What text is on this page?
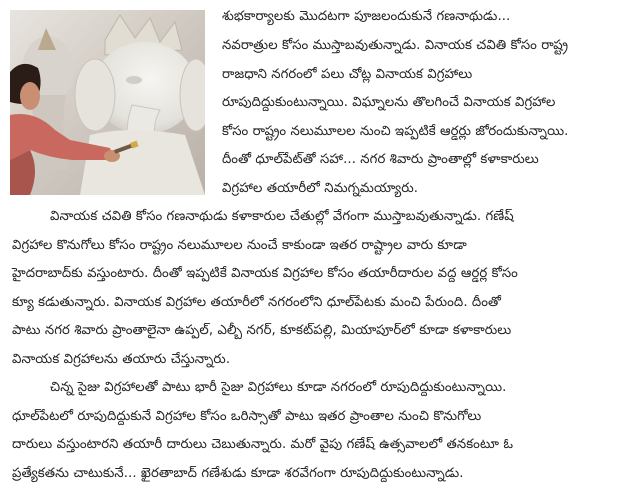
శుభకార్యాలకు మొదటగా పూజలందుకునే గణనాథుడు...
నవరాత్రుల కోసం ముస్తాబవుతున్నాడు. వినాయక చవితి కోసం రాష్ట్ర
రాజధాని నగరంలో పలు చోట్ల వినాయక విగ్రహాలు
రూపుదిద్దుకుంటున్నాయి. విఘ్నాలను తొలగించే వినాయక విగ్రహాల
కోసం రాష్ట్రం నలుమూలల నుంచి ఇప్పటికే ఆర్డర్లు జోరందుకున్నాయి.
దీంతో ధూల్‌పేట్‌తో సహా... నగర శివారు ప్రాంతాల్లో కళాకారులు
విగ్రహాల తయారీలో నిమగ్నమయ్యారు.
వినాయక చవితి కోసం గణనాథుడు కళాకారుల చేతుల్లో వేగంగా ముస్తాబవుతున్నాడు. గణేష్
విగ్రహాల కొనుగోలు కోసం రాష్ట్రం నలుమూలల నుంచే కాకుండా ఇతర రాష్ట్రాల వారు కూడా
హైదరాబాద్‌కు వస్తుంటారు. దీంతో ఇప్పటికే వినాయక విగ్రహాల కోసం తయారీదారుల వద్ద ఆర్డర్ల కోసం
క్యూ కడుతున్నారు. వినాయక విగ్రహాల తయారీలో నగరంలోని ధూల్‌పేటకు మంచి పేరుంది. దీంతో
పాటు నగర శివారు ప్రాంతాలైనా ఉప్పల్, ఎల్బీ నగర్, కూకట్‌పల్లి, మియాపూర్‌లో కూడా కళాకారులు
వినాయక విగ్రహాలను తయారు చేస్తున్నారు.
చిన్న సైజు విగ్రహాలతో పాటు భారీ సైజు విగ్రహాలు కూడా నగరంలో రూపుదిద్దుకుంటున్నాయి.
ధూల్‌పేటలో రూపుదిద్దుకునే విగ్రహాల కోసం ఒరిస్సాతో పాటు ఇతర ప్రాంతాల నుంచి కొనుగోలు
దారులు వస్తుంటారని తయారీ దారులు చెబుతున్నారు. మరో వైపు గణేష్ ఉత్సవాలలో తనకంటూ ఓ
ప్రత్యేకతను చాటుకునే... ఖైరతాబాద్ గణేశుడు కూడా శరవేగంగా రూపుదిద్దుకుంటున్నాడు.
